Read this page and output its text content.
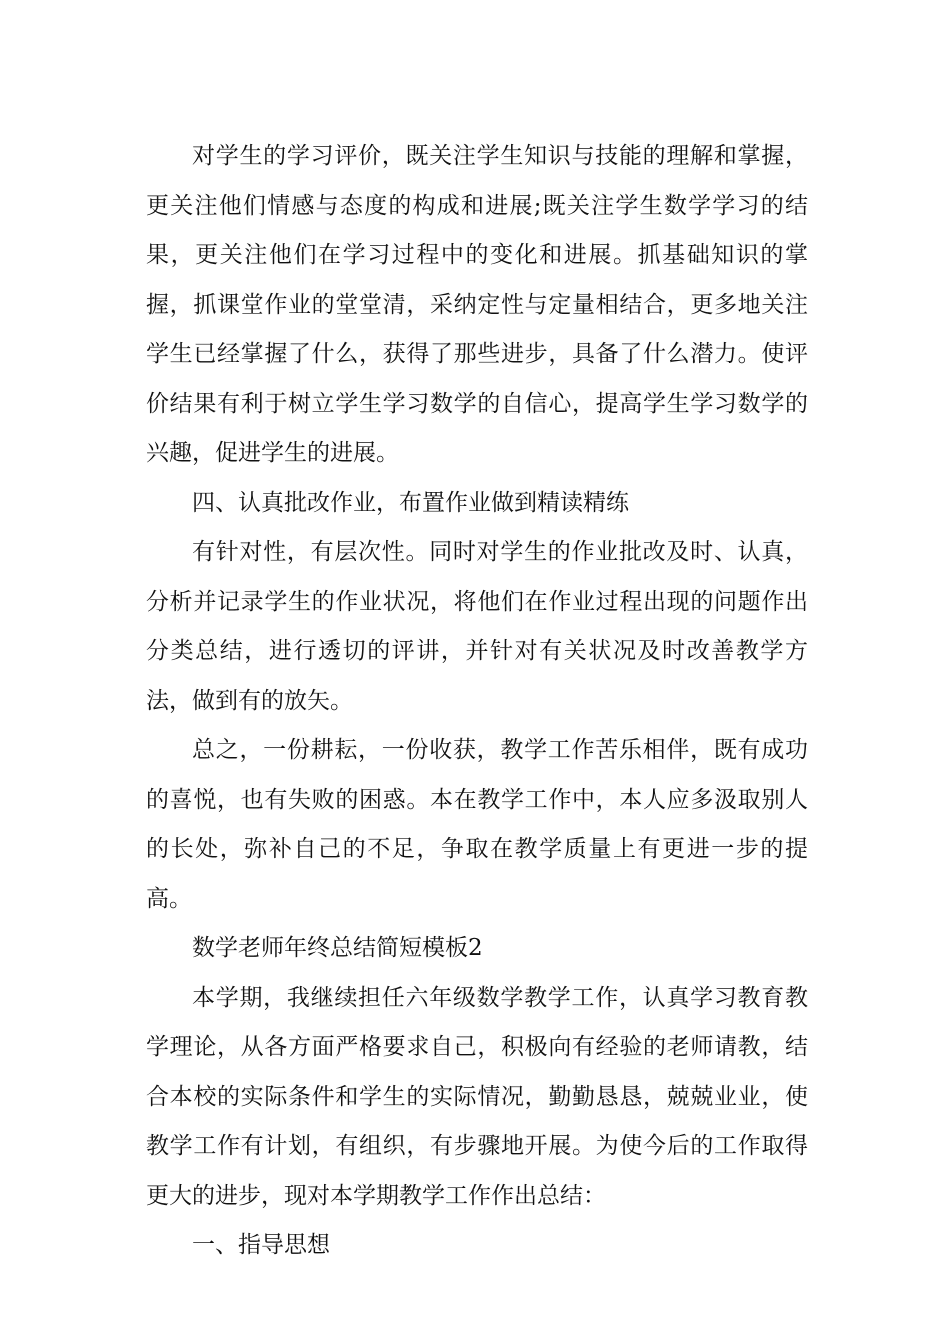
对学生的学习评价，既关注学生知识与技能的理解和掌握，更关注他们情感与态度的构成和进展;既关注学生数学学习的结果，更关注他们在学习过程中的变化和进展。抓基础知识的掌握，抓课堂作业的堂堂清，采纳定性与定量相结合，更多地关注学生已经掌握了什么，获得了那些进步，具备了什么潜力。使评价结果有利于树立学生学习数学的自信心，提高学生学习数学的兴趣，促进学生的进展。

四、认真批改作业，布置作业做到精读精练

有针对性，有层次性。同时对学生的作业批改及时、认真，分析并记录学生的作业状况，将他们在作业过程出现的问题作出分类总结，进行透切的评讲，并针对有关状况及时改善教学方法，做到有的放矢。

总之，一份耕耘，一份收获，教学工作苦乐相伴，既有成功的喜悦，也有失败的困惑。本在教学工作中，本人应多汲取别人的长处，弥补自己的不足，争取在教学质量上有更进一步的提高。

数学老师年终总结简短模板2

本学期，我继续担任六年级数学教学工作，认真学习教育教学理论，从各方面严格要求自己，积极向有经验的老师请教，结合本校的实际条件和学生的实际情况，勤勤恳恳，兢兢业业，使教学工作有计划，有组织，有步骤地开展。为使今后的工作取得更大的进步，现对本学期教学工作作出总结：

一、指导思想
